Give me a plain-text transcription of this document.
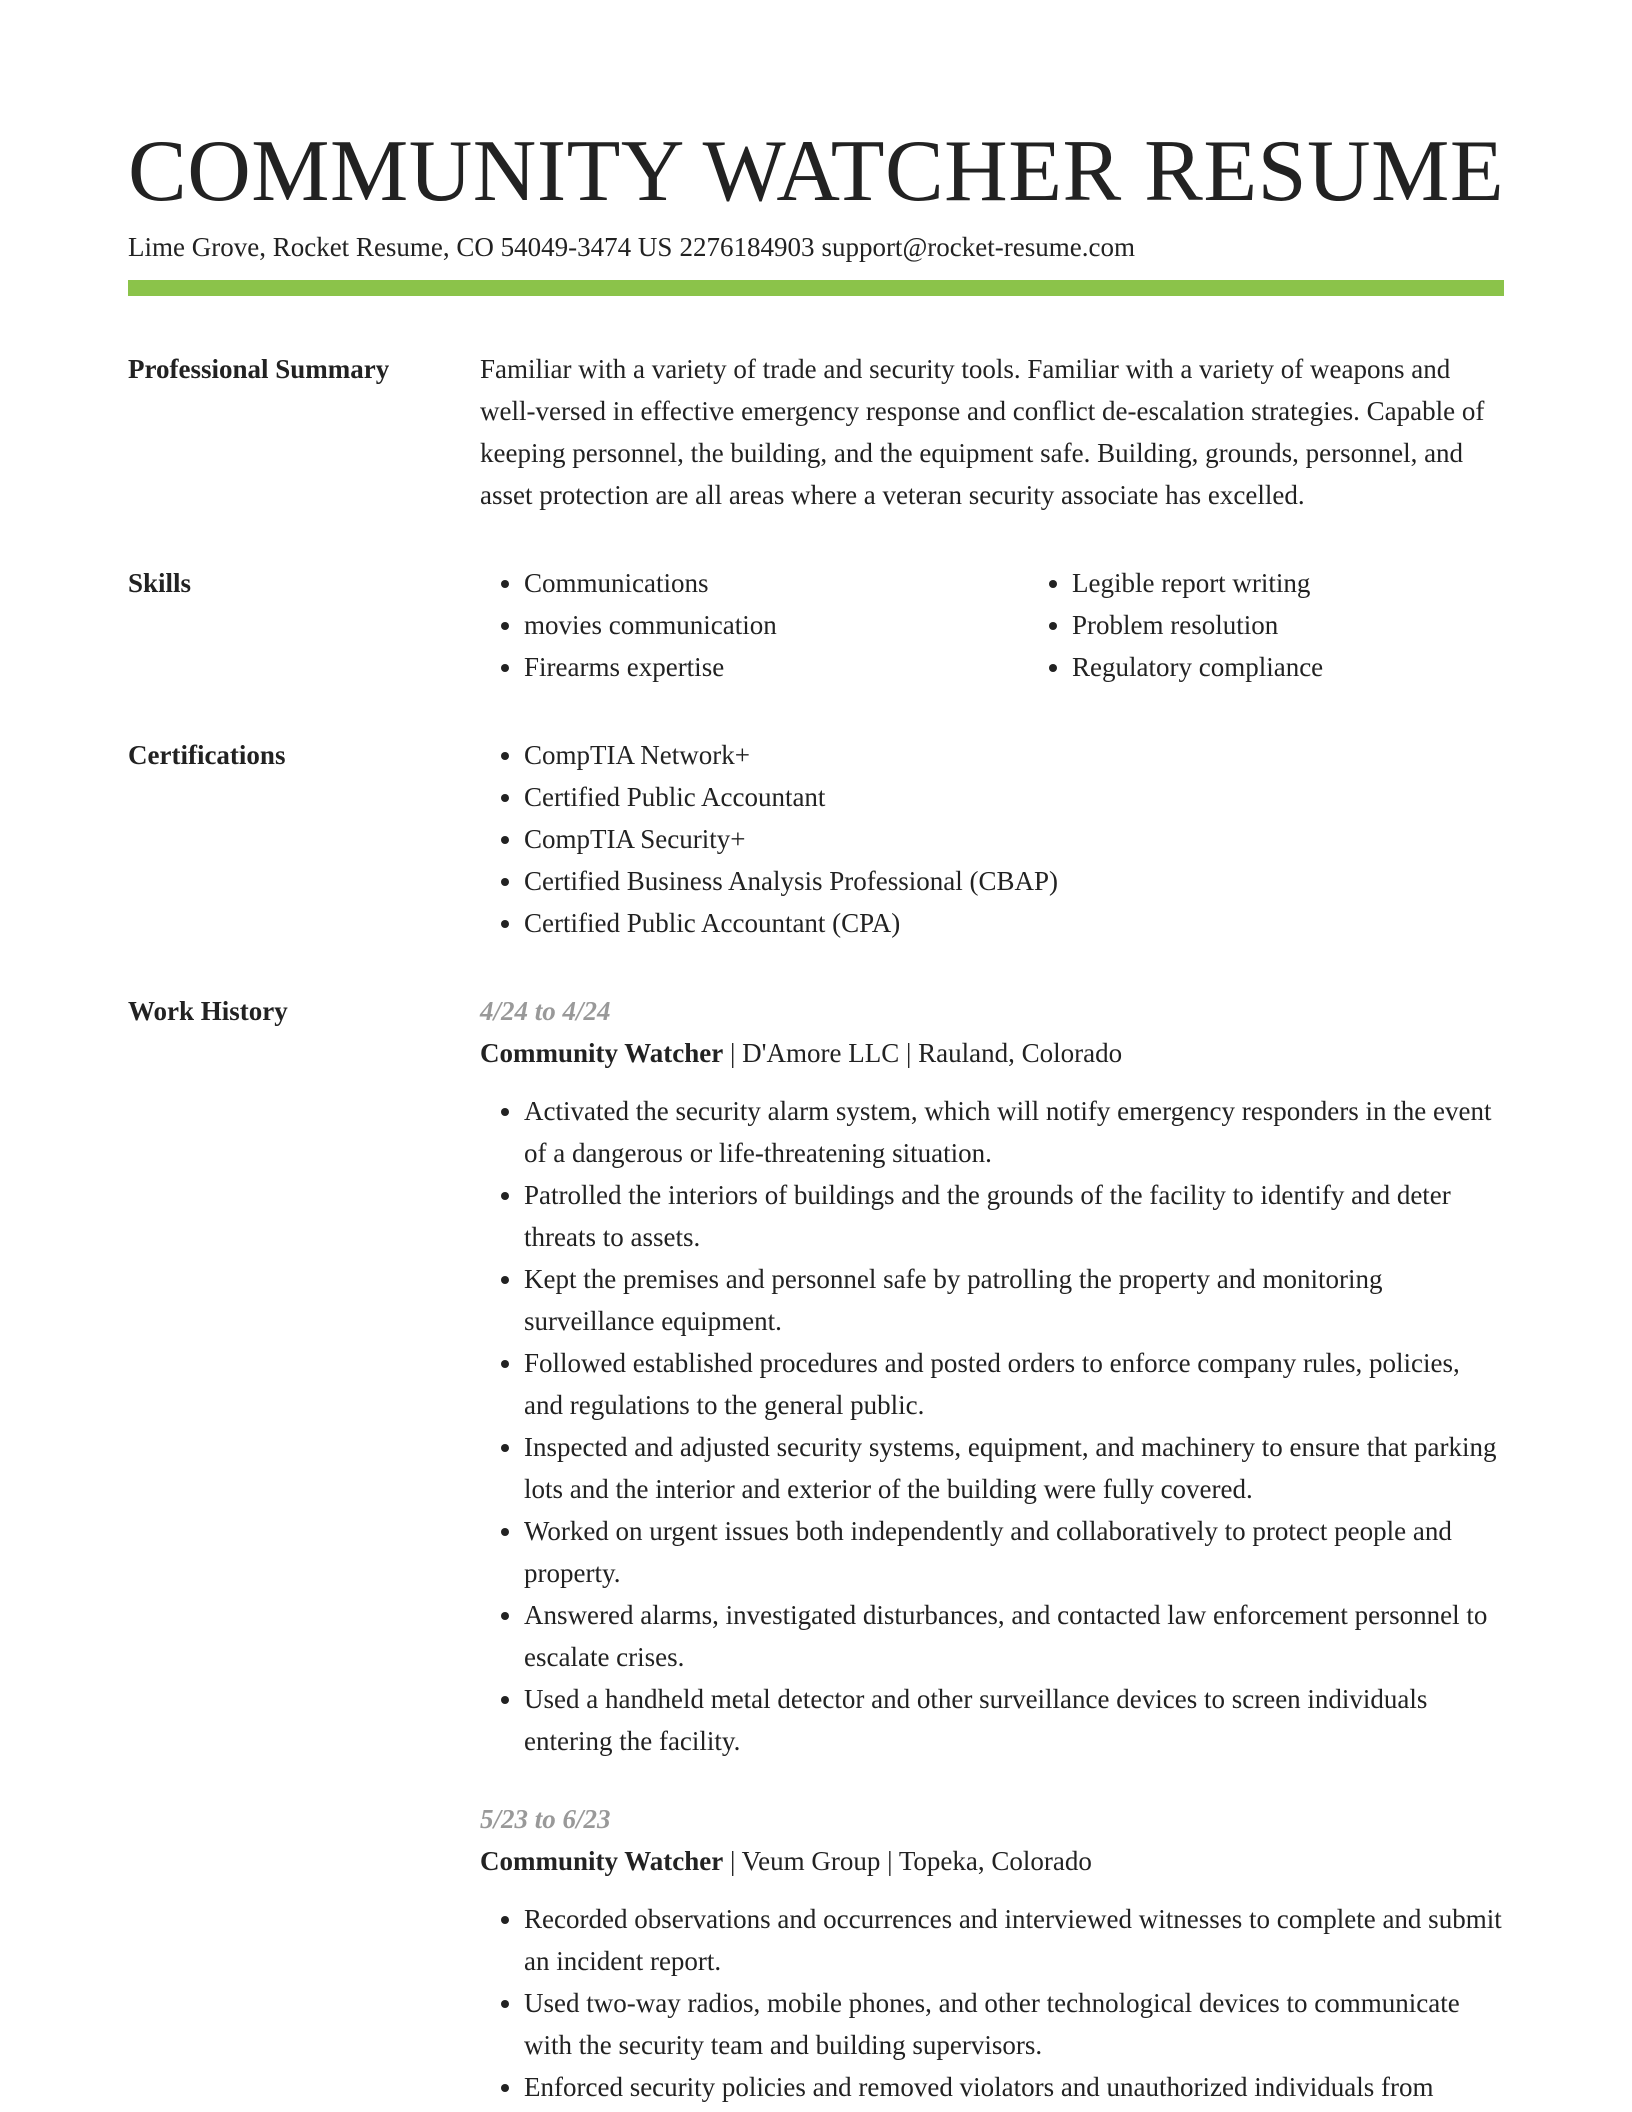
COMMUNITY WATCHER RESUME
Lime Grove, Rocket Resume, CO 54049-3474 US 2276184903 support@rocket-resume.com
Professional Summary	Familiar with a variety of trade and security tools. Familiar with a variety of weapons and well-versed in effective emergency response and conflict de-escalation strategies. Capable of keeping personnel, the building, and the equipment safe. Building, grounds, personnel, and asset protection are all areas where a veteran security associate has excelled.

Skills	• Communications
• movies communication
• Firearms expertise
• Legible report writing
• Problem resolution
• Regulatory compliance
Certifications	• CompTIA Network+
• Certified Public Accountant
• CompTIA Security+
• Certified Business Analysis Professional (CBAP)
• Certified Public Accountant (CPA)
Work History	4/24 to 4/24
Community Watcher | D'Amore LLC | Rauland, Colorado
• Activated the security alarm system, which will notify emergency responders in the event of a dangerous or life-threatening situation.
• Patrolled the interiors of buildings and the grounds of the facility to identify and deter threats to assets.
• Kept the premises and personnel safe by patrolling the property and monitoring surveillance equipment.
• Followed established procedures and posted orders to enforce company rules, policies, and regulations to the general public.
• Inspected and adjusted security systems, equipment, and machinery to ensure that parking lots and the interior and exterior of the building were fully covered.
• Worked on urgent issues both independently and collaboratively to protect people and property.
• Answered alarms, investigated disturbances, and contacted law enforcement personnel to escalate crises.
• Used a handheld metal detector and other surveillance devices to screen individuals entering the facility.
5/23 to 6/23
Community Watcher | Veum Group | Topeka, Colorado
• Recorded observations and occurrences and interviewed witnesses to complete and submit an incident report.
• Used two-way radios, mobile phones, and other technological devices to communicate with the security team and building supervisors.
• Enforced security policies and removed violators and unauthorized individuals from
